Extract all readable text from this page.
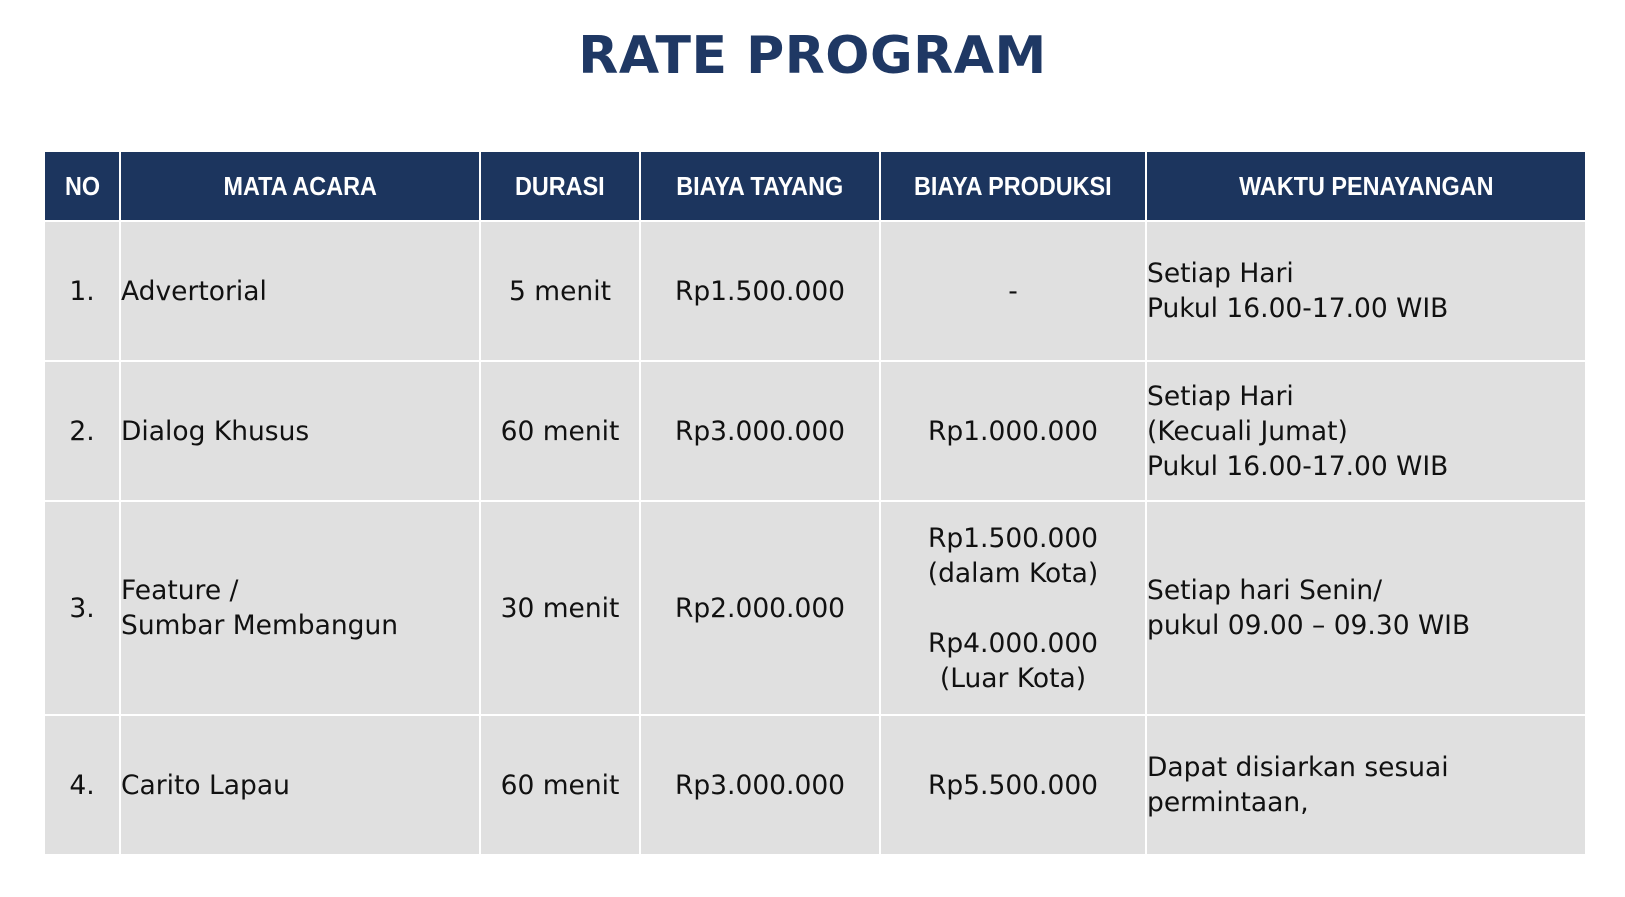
RATE PROGRAM
NO	MATA ACARA	DURASI	BIAYA TAYANG	BIAYA PRODUKSI	WAKTU PENAYANGAN
1.	Advertorial	5 menit	Rp1.500.000	-	Setiap Hari
Pukul 16.00-17.00 WIB

2.	Dialog Khusus	60 menit	Rp3.000.000	Rp1.000.000	Setiap Hari
(Kecuali Jumat)
Pukul 16.00-17.00 WIB

3.	Feature /
Sumbar Membangun	30 menit	Rp2.000.000	Rp1.500.000
(dalam Kota)
Rp4.000.000
(Luar Kota)	Setiap hari Senin/
pukul 09.00 – 09.30 WIB

4.	Carito Lapau	60 menit	Rp3.000.000	Rp5.500.000	Dapat disiarkan sesuai
permintaan,
